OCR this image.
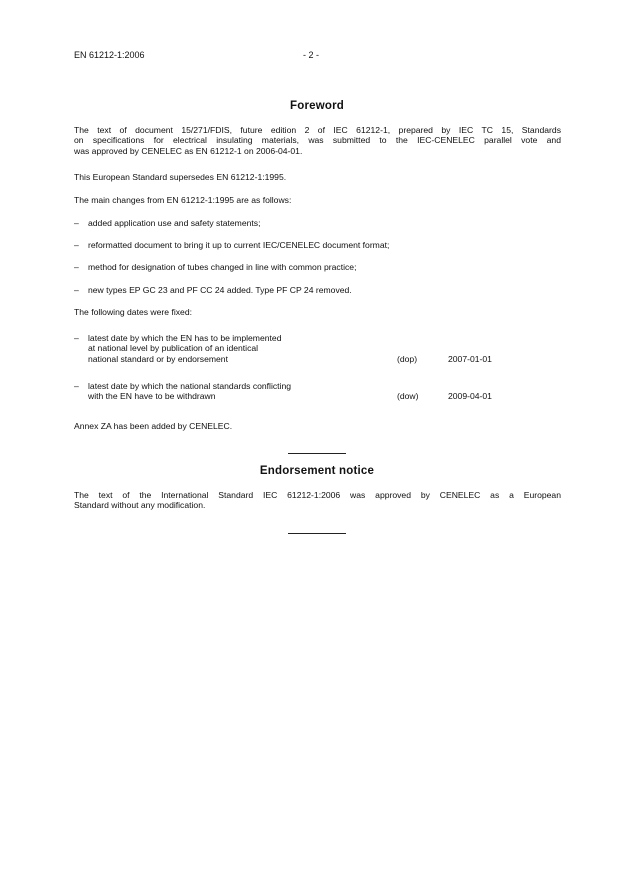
EN 61212-1:2006	- 2 -
Foreword
The text of document 15/271/FDIS, future edition 2 of IEC 61212-1, prepared by IEC TC 15, Standards
on specifications for electrical insulating materials, was submitted to the IEC-CENELEC parallel vote and
was approved by CENELEC as EN 61212-1 on 2006-04-01.
This European Standard supersedes EN 61212-1:1995.
The main changes from EN 61212-1:1995 are as follows:
– added application use and safety statements;
– reformatted document to bring it up to current IEC/CENELEC document format;
– method for designation of tubes changed in line with common practice;
– new types EP GC 23 and PF CC 24 added. Type PF CP 24 removed.
The following dates were fixed:
– latest date by which the EN has to be implemented
at national level by publication of an identical
national standard or by endorsement	(dop)	2007-01-01
– latest date by which the national standards conflicting
with the EN have to be withdrawn	(dow)	2009-04-01
Annex ZA has been added by CENELEC.
Endorsement notice
The text of the International Standard IEC 61212-1:2006 was approved by CENELEC as a European
Standard without any modification.
